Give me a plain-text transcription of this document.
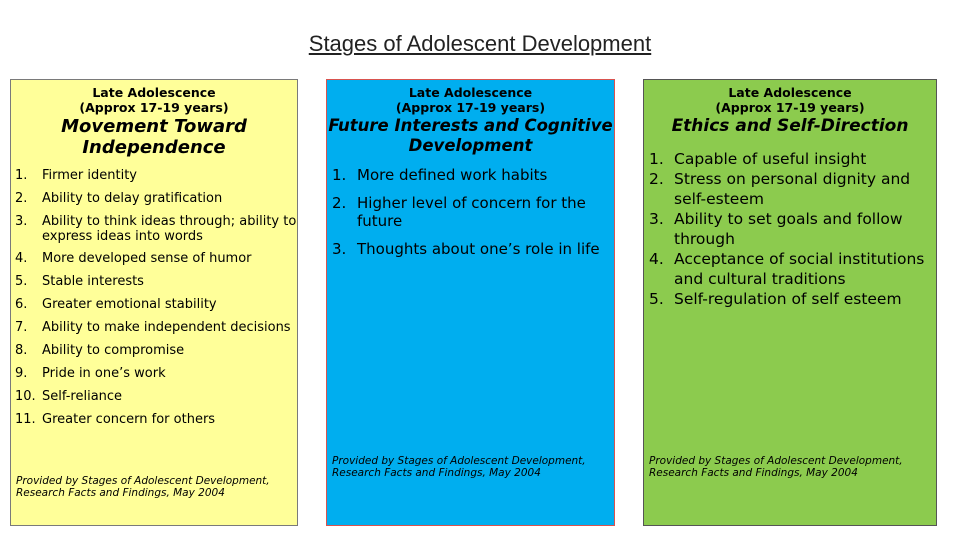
Stages of Adolescent Development
Late Adolescence
(Approx 17-19 years)
Movement Toward Independence
1.	Firmer identity
2.	Ability to delay gratification
3.	Ability to think ideas through; ability to express ideas into words
4.	More developed sense of humor
5.	Stable interests
6.	Greater emotional stability
7.	Ability to make independent decisions
8.	Ability to compromise
9.	Pride in one’s work
10. Self-reliance
11. Greater concern for others
Provided by Stages of Adolescent Development,
Research Facts and Findings, May 2004
Late Adolescence
(Approx 17-19 years)
Future Interests and Cognitive Development
1. More defined work habits
2. Higher level of concern for the future
3. Thoughts about one’s role in life
Provided by Stages of Adolescent Development,
Research Facts and Findings, May 2004
Late Adolescence
(Approx 17-19 years)
Ethics and Self-Direction
1. Capable of useful insight
2. Stress on personal dignity and self-esteem
3. Ability to set goals and follow through
4. Acceptance of social institutions and cultural traditions
5. Self-regulation of self esteem
Provided by Stages of Adolescent Development,
Research Facts and Findings, May 2004
